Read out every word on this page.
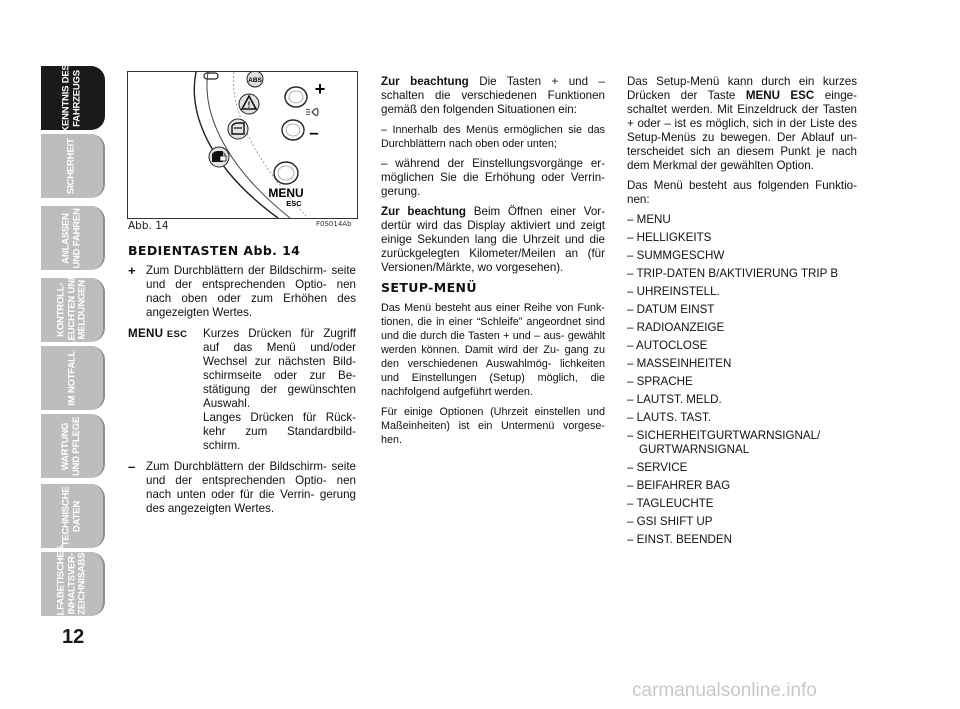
KENNTNIS DES
FAHRZEUGS
SICHERHEIT
ANLASSEN
UND FAHREN
KONTROLL-
LEUCHTEN UND
MELDUNGEN
IM NOTFALL
WARTUNG
UND PFLEGE
TECHNISCHE
DATEN
ALFABETISCHES
INHALTSVER-
ZEICHNISABS
12
ABS
!
+
–
MENU
ESC
Abb. 14	F0S014Ab
BEDIENTASTEN Abb. 14
+ Zum Durchblättern der Bildschirm- seite und der entsprechenden Optio- nen nach oben oder zum Erhöhen des angezeigten Wertes.
MENU ESC	Kurzes Drücken für Zugriff auf das Menü und/oder Wechsel zur nächsten Bild- schirmseite oder zur Be- stätigung der gewünschten Auswahl.
Langes Drücken für Rück- kehr zum Standardbild- schirm.
– Zum Durchblättern der Bildschirm- seite und der entsprechenden Optio- nen nach unten oder für die Verrin- gerung des angezeigten Wertes.

Zur beachtung Die Tasten + und – schalten die verschiedenen Funktionen gemäß den folgenden Situationen ein:

– Innerhalb des Menüs ermöglichen sie das Durchblättern nach oben oder unten;

– während der Einstellungsvorgänge er- möglichen Sie die Erhöhung oder Verrin- gerung.

Zur beachtung Beim Öffnen einer Vor- dertür wird das Display aktiviert und zeigt einige Sekunden lang die Uhrzeit und die zurückgelegten Kilometer/Meilen an (für Versionen/Märkte, wo vorgesehen).

SETUP-MENÜ

Das Menü besteht aus einer Reihe von Funk- tionen, die in einer “Schleife” angeordnet sind und die durch die Tasten + und – aus- gewählt werden können. Damit wird der Zu- gang zu den verschiedenen Auswahlmög- lichkeiten und Einstellungen (Setup) möglich, die nachfolgend aufgeführt werden.

Für einige Optionen (Uhrzeit einstellen und Maßeinheiten) ist ein Untermenü vorgese- hen.

Das Setup-Menü kann durch ein kurzes Drücken der Taste MENU ESC einge- schaltet werden. Mit Einzeldruck der Tasten + oder – ist es möglich, sich in der Liste des Setup-Menüs zu bewegen. Der Ablauf un- terscheidet sich an diesem Punkt je nach dem Merkmal der gewählten Option.

Das Menü besteht aus folgenden Funktio- nen:

– MENU
– HELLIGKEITS
– SUMMGESCHW
– TRIP-DATEN B/AKTIVIERUNG TRIP B
– UHREINSTELL.
– DATUM EINST
– RADIOANZEIGE
– AUTOCLOSE
– MASSEINHEITEN
– SPRACHE
– LAUTST. MELD.
– LAUTS. TAST.
– SICHERHEITGURTWARNSIGNAL/ GURTWARNSIGNAL
– SERVICE
– BEIFAHRER BAG
– TAGLEUCHTE
– GSI SHIFT UP
– EINST. BEENDEN
carmanualsonline.info
